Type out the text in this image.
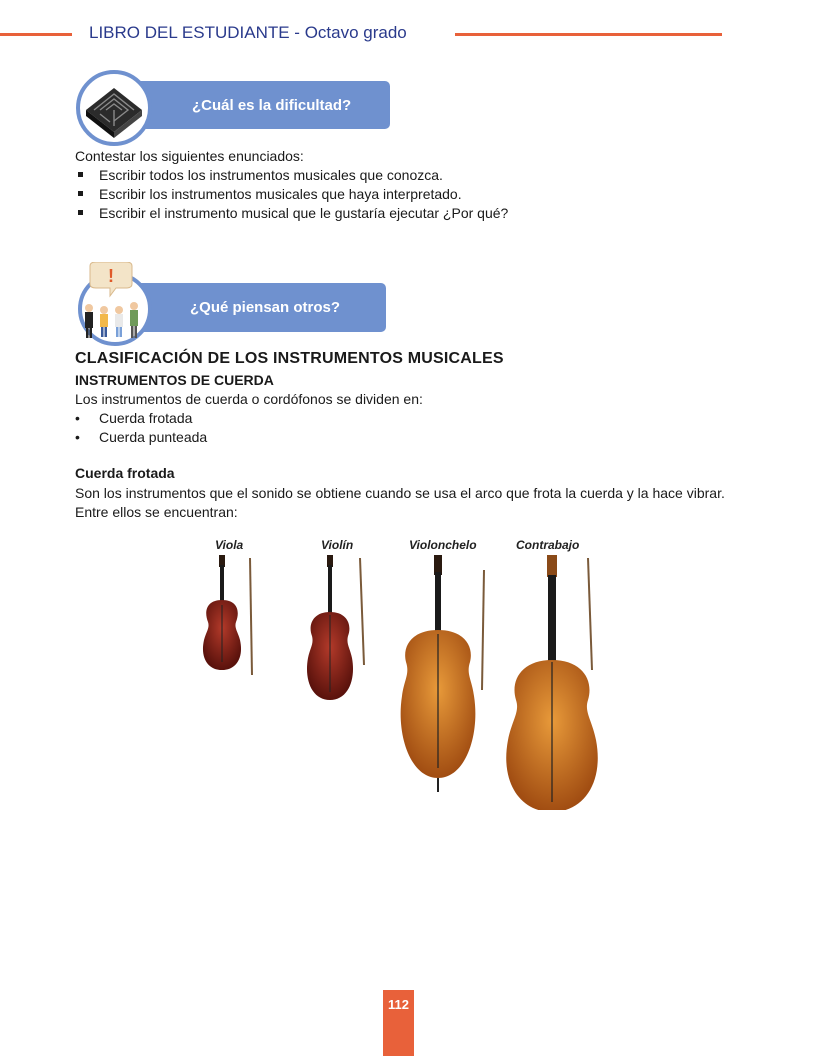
LIBRO DEL ESTUDIANTE - Octavo grado
¿Cuál es la dificultad?
Contestar los siguientes enunciados:
Escribir todos los instrumentos musicales que conozca.
Escribir los instrumentos musicales que haya interpretado.
Escribir el instrumento musical que le gustaría ejecutar ¿Por qué?
¿Qué piensan otros?
!
CLASIFICACIÓN DE LOS INSTRUMENTOS MUSICALES
INSTRUMENTOS DE CUERDA
Los instrumentos de cuerda o cordófonos se dividen en:
• Cuerda frotada
• Cuerda punteada
Cuerda frotada
Son los instrumentos que el sonido se obtiene cuando se usa el arco que frota la cuerda y la hace vibrar. Entre ellos se encuentran:
Viola	Violín	Violonchelo	Contrabajo
112
